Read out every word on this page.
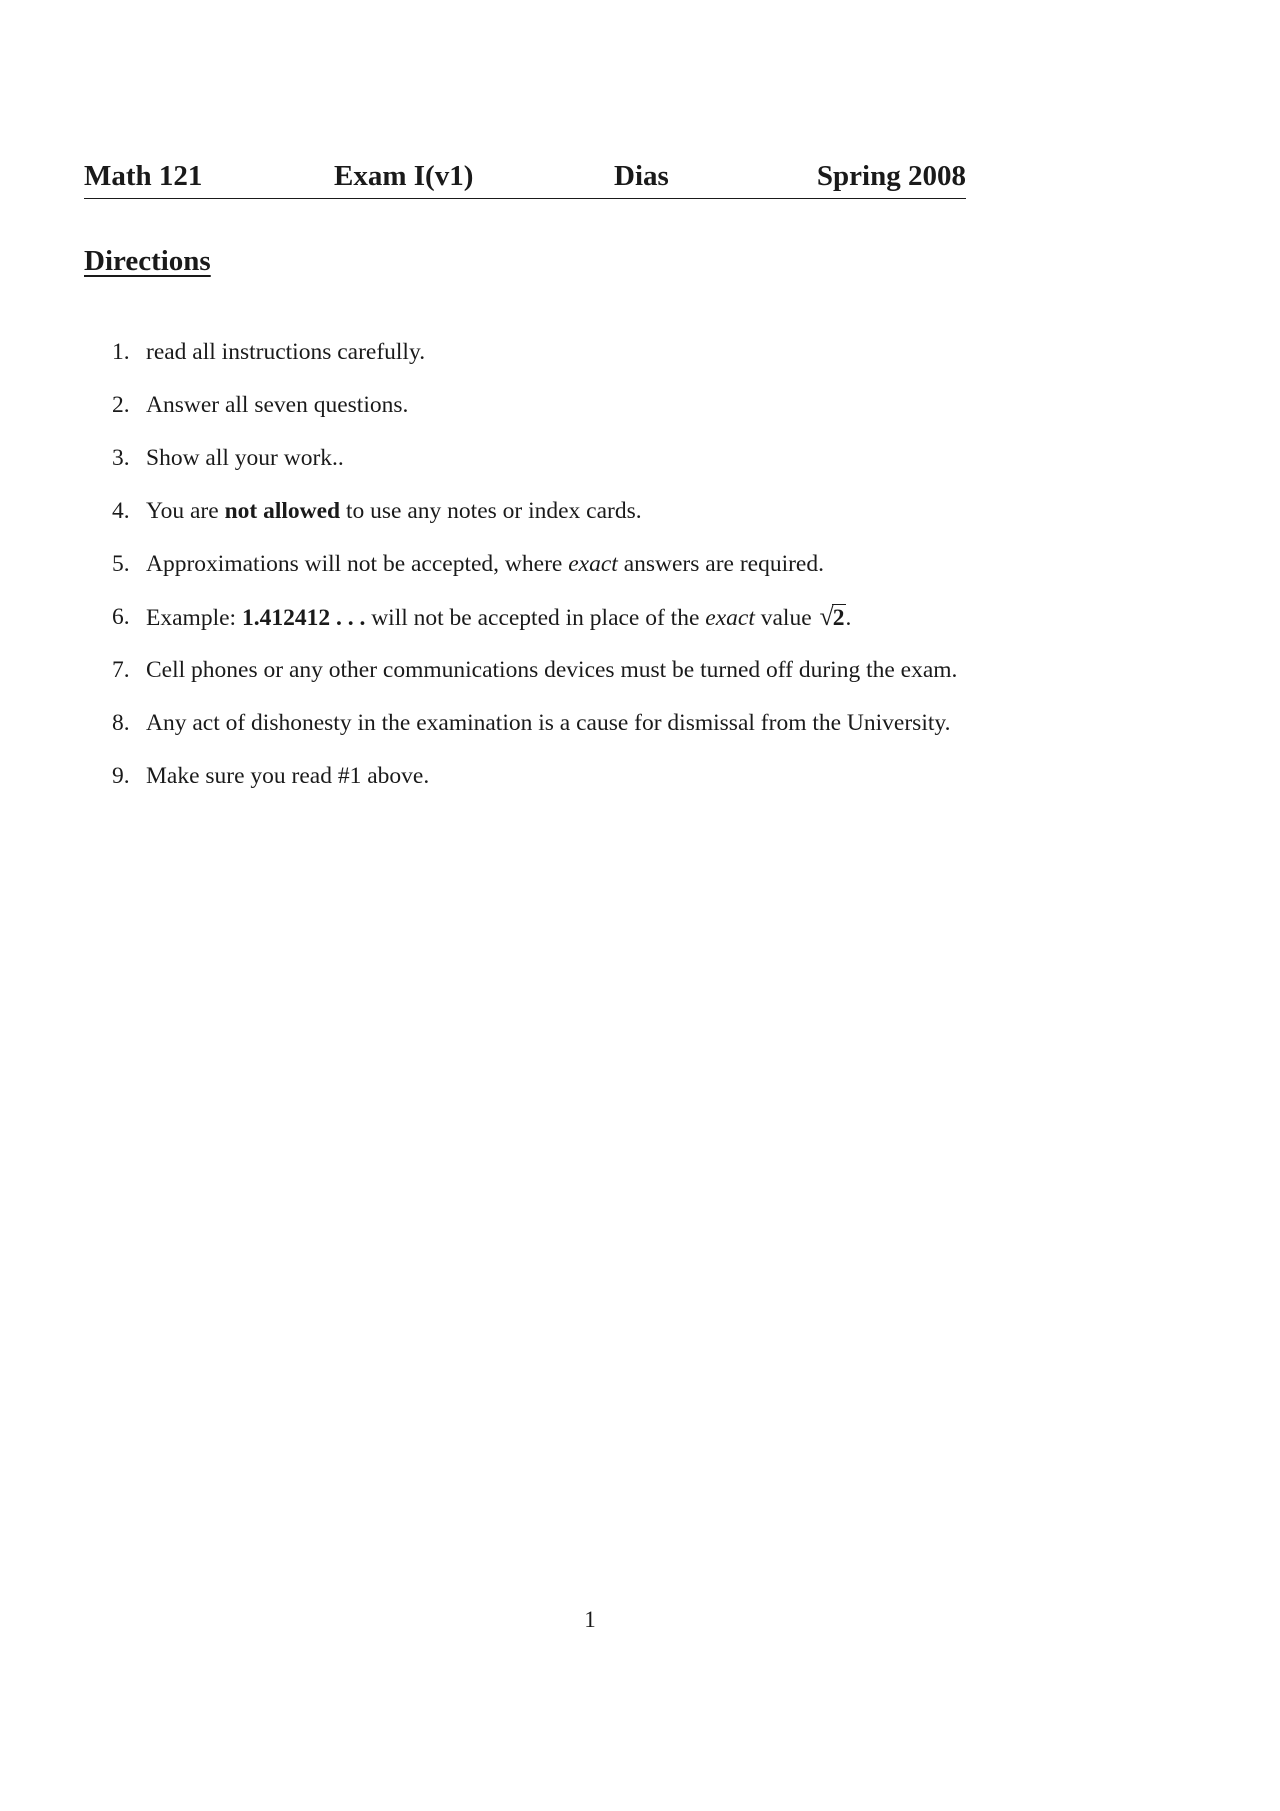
Math 121	Exam I(v1)	Dias	Spring 2008
Directions
1. read all instructions carefully.
2. Answer all seven questions.
3. Show all your work..
4. You are not allowed to use any notes or index cards.
5. Approximations will not be accepted, where exact answers are required.
6. Example: 1.412412 . . . will not be accepted in place of the exact value √2.
7. Cell phones or any other communications devices must be turned off during the exam.
8. Any act of dishonesty in the examination is a cause for dismissal from the University.
9. Make sure you read #1 above.
1
